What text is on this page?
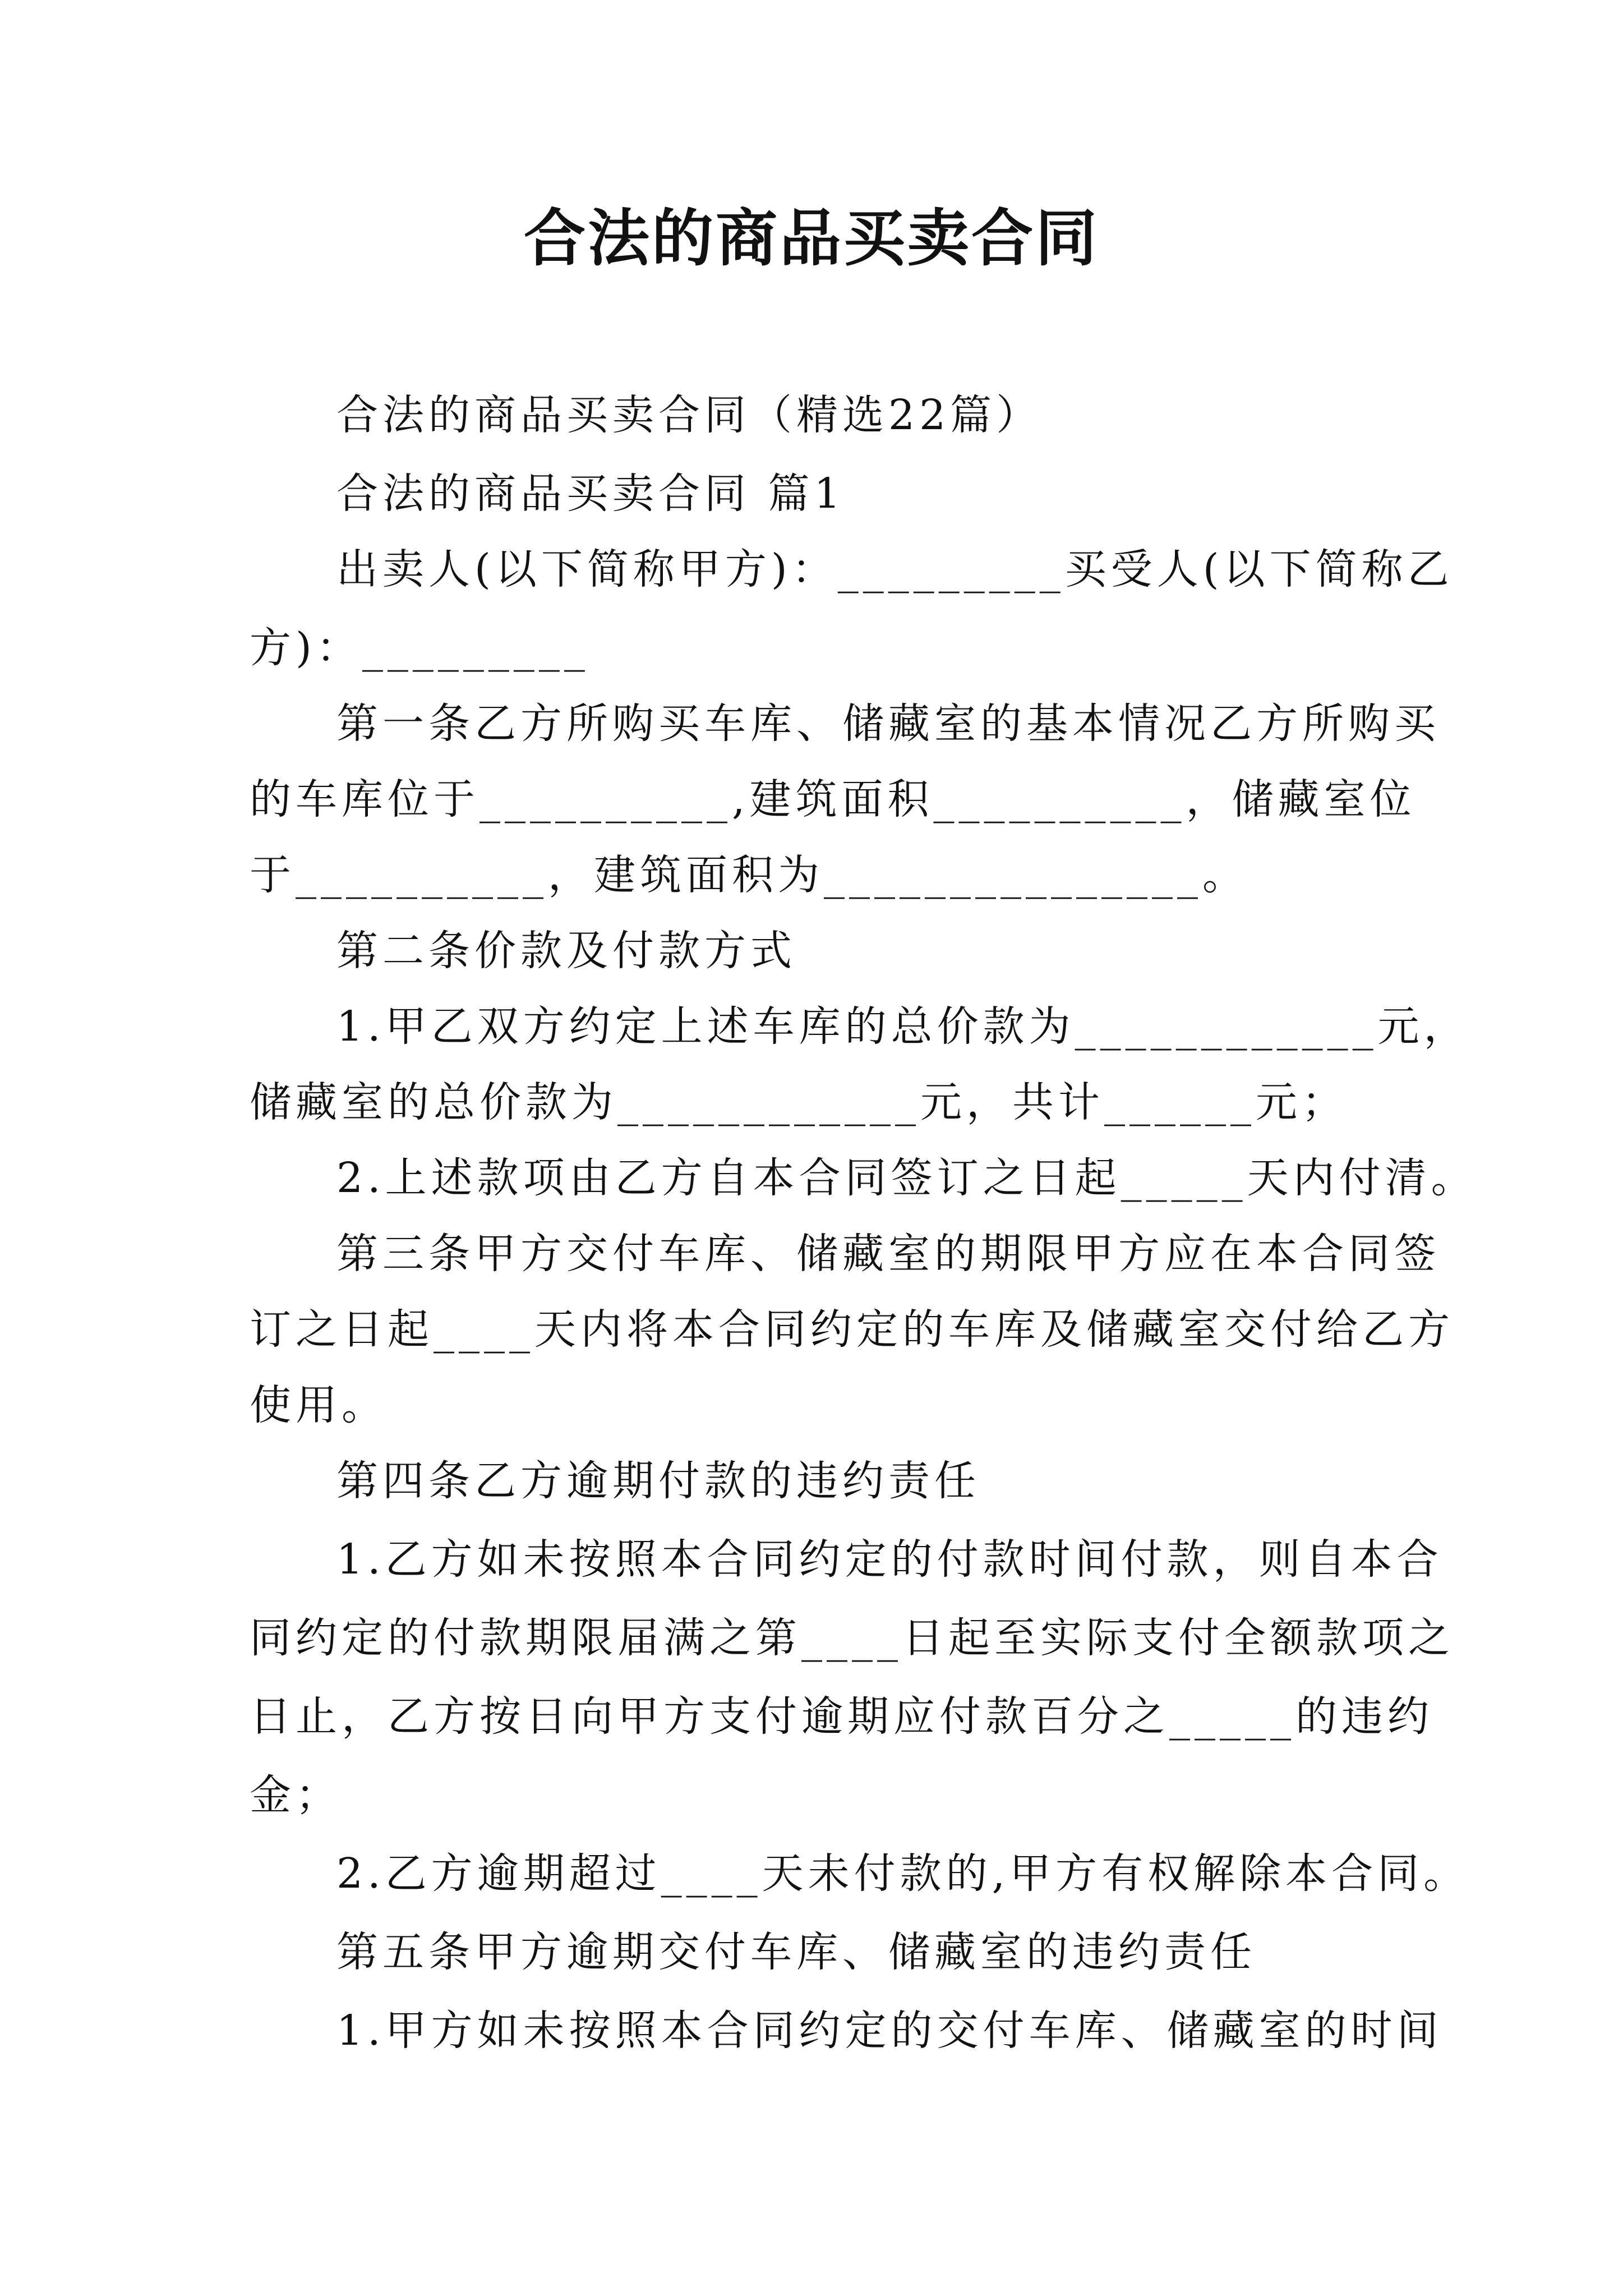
合法的商品买卖合同
合法的商品买卖合同（精选22篇）
合法的商品买卖合同 篇1
出卖人(以下简称甲方)：_________买受人(以下简称乙
方)：_________
第一条乙方所购买车库、储藏室的基本情况乙方所购买
的车库位于__________,建筑面积__________，储藏室位
于__________，建筑面积为_______________。
第二条价款及付款方式
1.甲乙双方约定上述车库的总价款为____________元，
储藏室的总价款为____________元，共计______元；
2.上述款项由乙方自本合同签订之日起_____天内付清。
第三条甲方交付车库、储藏室的期限甲方应在本合同签
订之日起____天内将本合同约定的车库及储藏室交付给乙方
使用。
第四条乙方逾期付款的违约责任
1.乙方如未按照本合同约定的付款时间付款，则自本合
同约定的付款期限届满之第____日起至实际支付全额款项之
日止，乙方按日向甲方支付逾期应付款百分之_____的违约
金；
2.乙方逾期超过____天未付款的,甲方有权解除本合同。
第五条甲方逾期交付车库、储藏室的违约责任
1.甲方如未按照本合同约定的交付车库、储藏室的时间
